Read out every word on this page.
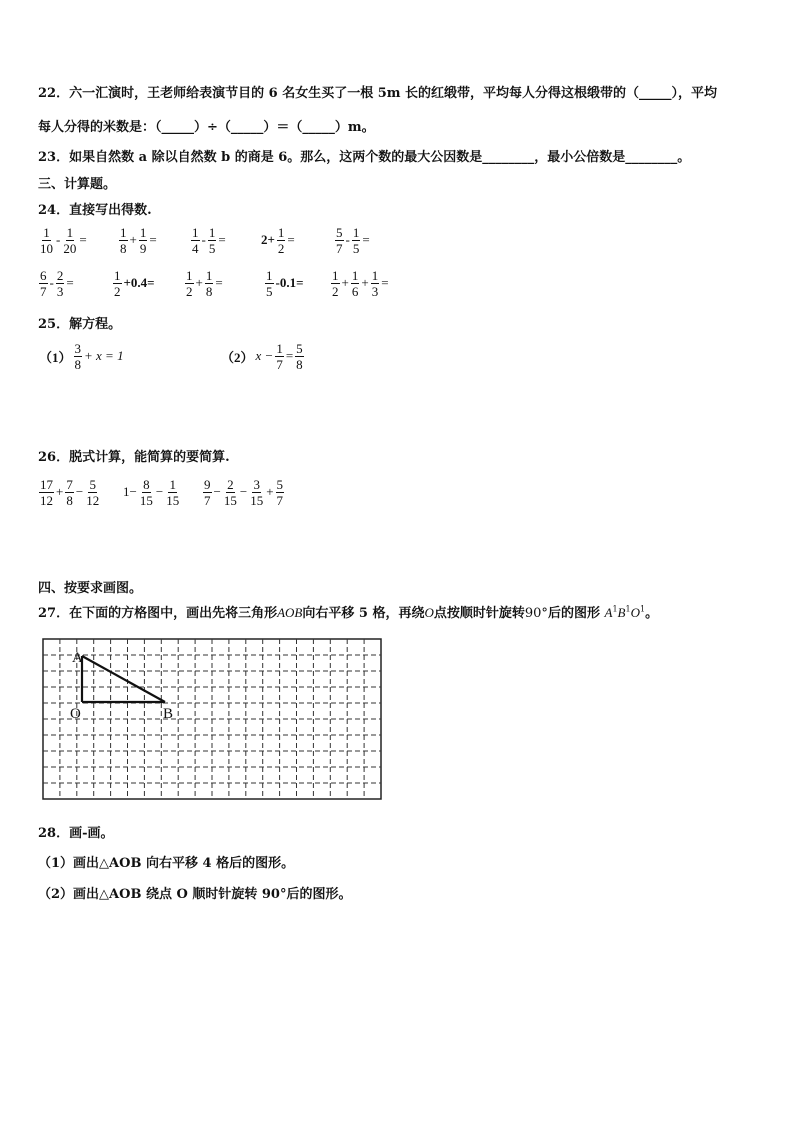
22．六一汇演时，王老师给表演节目的 6 名女生买了一根 5m 长的红缎带，平均每人分得这根缎带的（_____），平均
每人分得的米数是：（_____）÷（_____）＝（_____）m。
23．如果自然数 a 除以自然数 b 的商是 6。那么，这两个数的最大公因数是________，最小公倍数是________。
三、计算题。
24．直接写出得数.
$\frac{1}{10} - \frac{1}{20} = \frac{1}{8} + \frac{1}{9}$ =	$\frac{1}{4} - \frac{1}{5}$ =	$2+ \frac{1}{2}$ =	$\frac{5}{7} - \frac{1}{5}$ =
$\frac{6}{7} - \frac{2}{3}$ =	$\frac{1}{2} +0.4= \frac{1}{2} + \frac{1}{8}$ =	$\frac{1}{5} -0.1= \frac{1}{2} + \frac{1}{6} + \frac{1}{3}$ =
25．解方程。
$(1) \frac{3}{8} + x = 1$	（2） $x - \frac{1}{7} = \frac{5}{8}$
26．脱式计算，能简算的要简算.
$\frac{17}{12} + \frac{7}{8} - \frac{5}{12} 1- \frac{8}{15} - \frac{1}{15} \frac{9}{7} - \frac{2}{15} - \frac{3}{15} + \frac{5}{7}$
四、按要求画图。
27．在下面的方格图中，画出先将三角形AOB向右平移 5 格，再绕O点按顺时针旋转90°后的图形 $A^1B^1O^1$。
A
O	B
28．画-画。
（1）画出△AOB 向右平移 4 格后的图形。
（2）画出△AOB 绕点 O 顺时针旋转 90°后的图形。
